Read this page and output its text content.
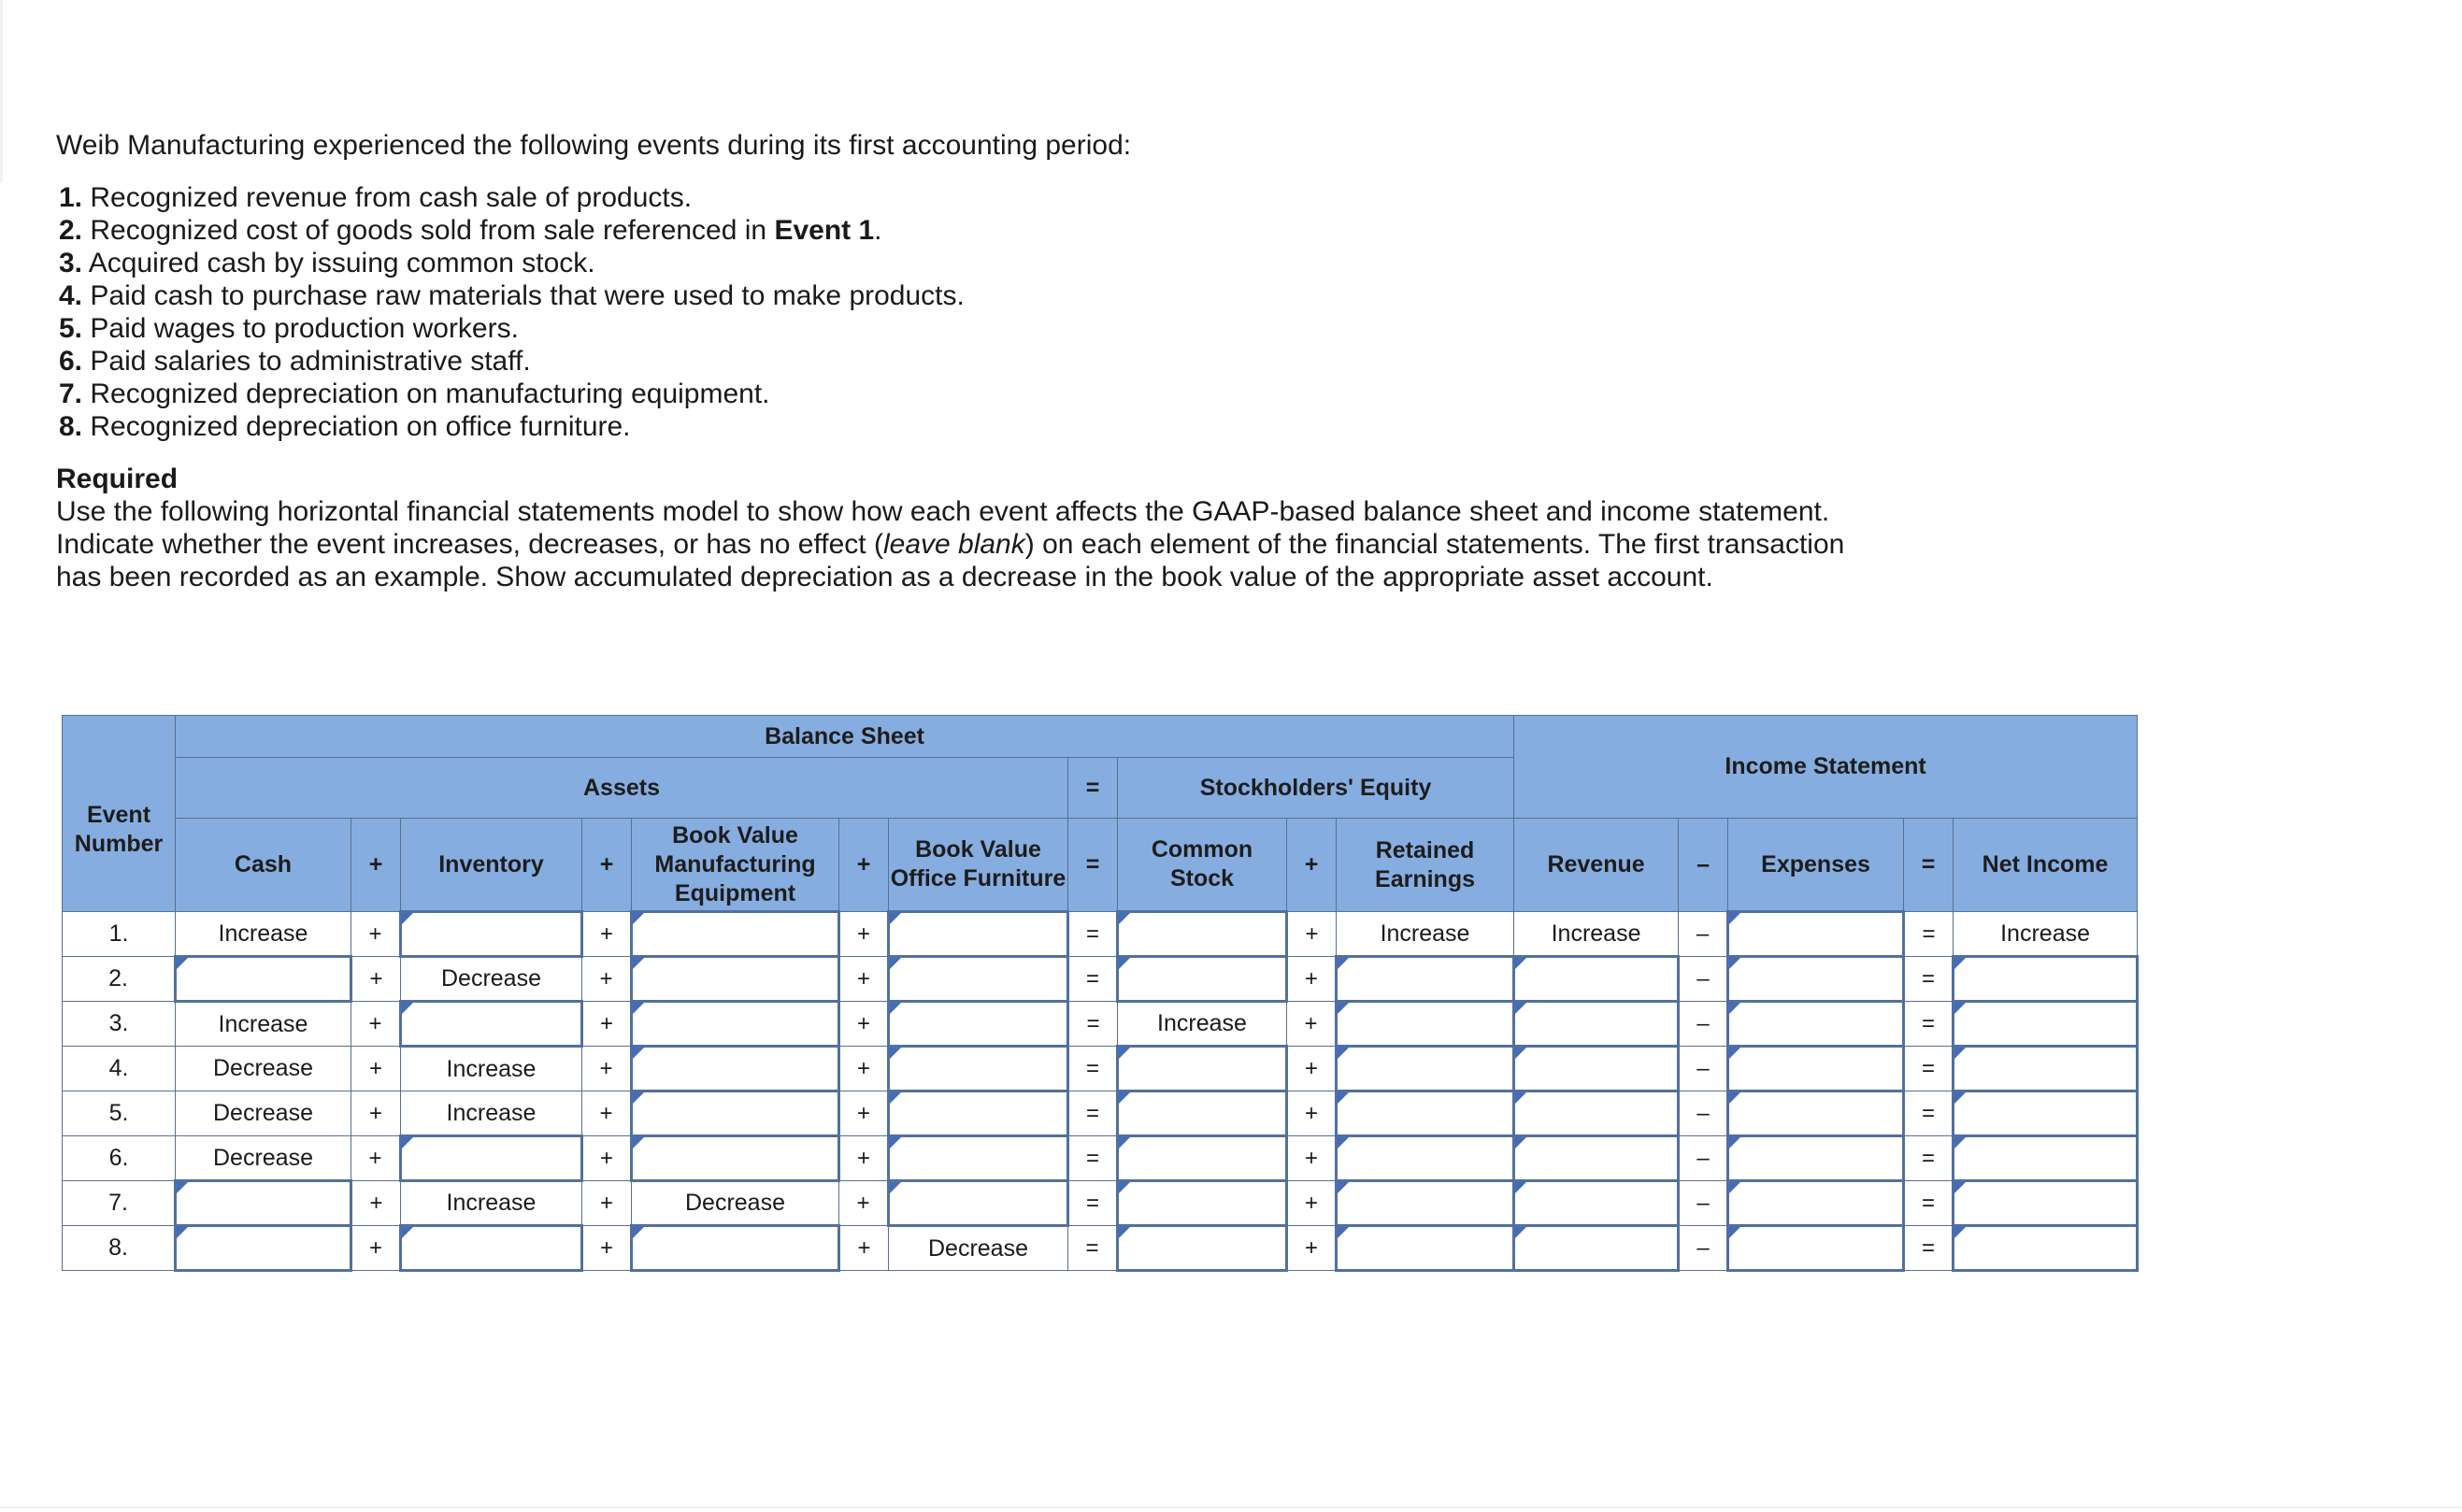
Weib Manufacturing experienced the following events during its first accounting period:

1. Recognized revenue from cash sale of products.
2. Recognized cost of goods sold from sale referenced in Event 1.
3. Acquired cash by issuing common stock.
4. Paid cash to purchase raw materials that were used to make products.
5. Paid wages to production workers.
6. Paid salaries to administrative staff.
7. Recognized depreciation on manufacturing equipment.
8. Recognized depreciation on office furniture.

Required

Use the following horizontal financial statements model to show how each event affects the GAAP-based balance sheet and income statement. Indicate whether the event increases, decreases, or has no effect (leave blank) on each element of the financial statements. The first transaction has been recorded as an example. Show accumulated depreciation as a decrease in the book value of the appropriate asset account.

Event Number	Balance Sheet											Income Statement				
	Assets							=	Stockholders' Equity							
	Cash	+	Inventory	+	Book Value Manufacturing Equipment	+	Book Value Office Furniture	=	Common Stock	+	Retained Earnings	Revenue	–	Expenses	=	Net Income
1.	Increase	+		+		+		=		+	Increase	Increase	–		=	Increase
2.		+	Decrease	+		+		=		+			–		=	
3.	Increase	+		+		+		=	Increase	+			–		=	
4.	Decrease	+	Increase	+		+		=		+			–		=	
5.	Decrease	+	Increase	+		+		=		+			–		=	
6.	Decrease	+		+		+		=		+			–		=	
7.		+	Increase	+	Decrease	+		=		+			–		=	
8.		+		+		+	Decrease	=		+			–		=	
